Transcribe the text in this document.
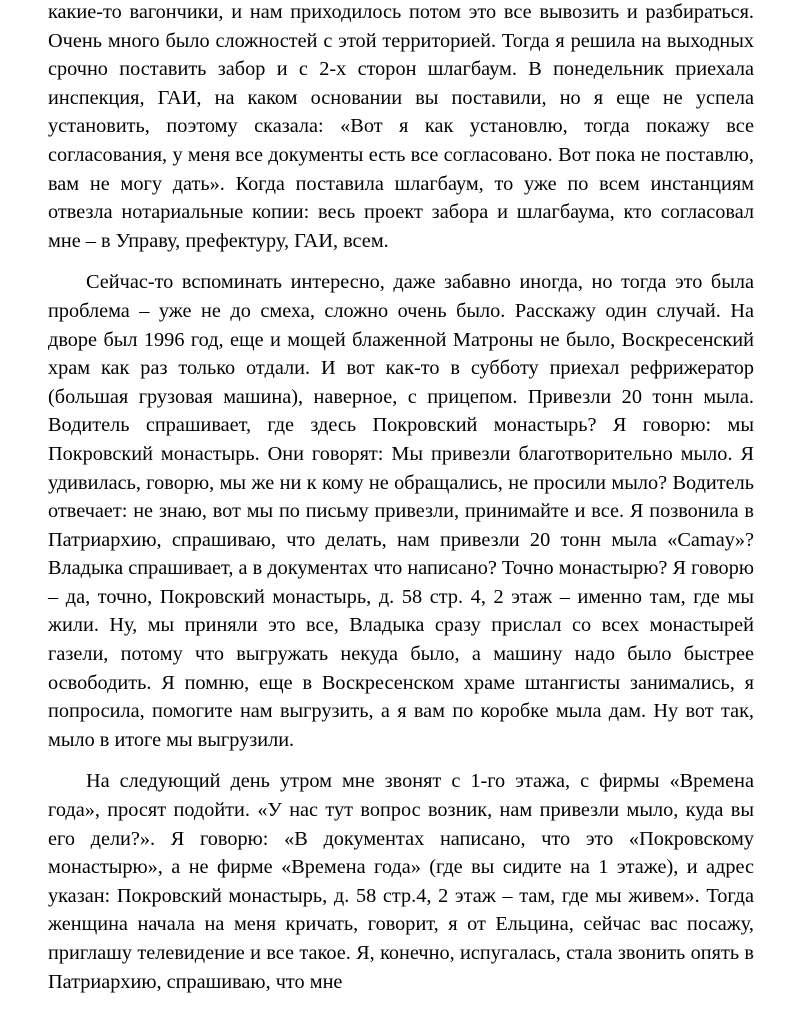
какие-то вагончики, и нам приходилось потом это все вывозить и разбираться. Очень много было сложностей с этой территорией. Тогда я решила на выходных срочно поставить забор и с 2-х сторон шлагбаум. В понедельник приехала инспекция, ГАИ, на каком основании вы поставили, но я еще не успела установить, поэтому сказала: «Вот я как установлю, тогда покажу все согласования, у меня все документы есть все согласовано. Вот пока не поставлю, вам не могу дать». Когда поставила шлагбаум, то уже по всем инстанциям отвезла нотариальные копии: весь проект забора и шлагбаума, кто согласовал мне – в Управу, префектуру, ГАИ, всем.

Сейчас-то вспоминать интересно, даже забавно иногда, но тогда это была проблема – уже не до смеха, сложно очень было. Расскажу один случай. На дворе был 1996 год, еще и мощей блаженной Матроны не было, Воскресенский храм как раз только отдали. И вот как-то в субботу приехал рефрижератор (большая грузовая машина), наверное, с прицепом. Привезли 20 тонн мыла. Водитель спрашивает, где здесь Покровский монастырь? Я говорю: мы Покровский монастырь. Они говорят: Мы привезли благотворительно мыло. Я удивилась, говорю, мы же ни к кому не обращались, не просили мыло? Водитель отвечает: не знаю, вот мы по письму привезли, принимайте и все. Я позвонила в Патриархию, спрашиваю, что делать, нам привезли 20 тонн мыла «Camay»? Владыка спрашивает, а в документах что написано? Точно монастырю? Я говорю – да, точно, Покровский монастырь, д. 58 стр. 4, 2 этаж – именно там, где мы жили. Ну, мы приняли это все, Владыка сразу прислал со всех монастырей газели, потому что выгружать некуда было, а машину надо было быстрее освободить. Я помню, еще в Воскресенском храме штангисты занимались, я попросила, помогите нам выгрузить, а я вам по коробке мыла дам. Ну вот так, мыло в итоге мы выгрузили.

На следующий день утром мне звонят с 1-го этажа, с фирмы «Времена года», просят подойти. «У нас тут вопрос возник, нам привезли мыло, куда вы его дели?». Я говорю: «В документах написано, что это «Покровскому монастырю», а не фирме «Времена года» (где вы сидите на 1 этаже), и адрес указан: Покровский монастырь, д. 58 стр.4, 2 этаж – там, где мы живем». Тогда женщина начала на меня кричать, говорит, я от Ельцина, сейчас вас посажу, приглашу телевидение и все такое. Я, конечно, испугалась, стала звонить опять в Патриархию, спрашиваю, что мне
